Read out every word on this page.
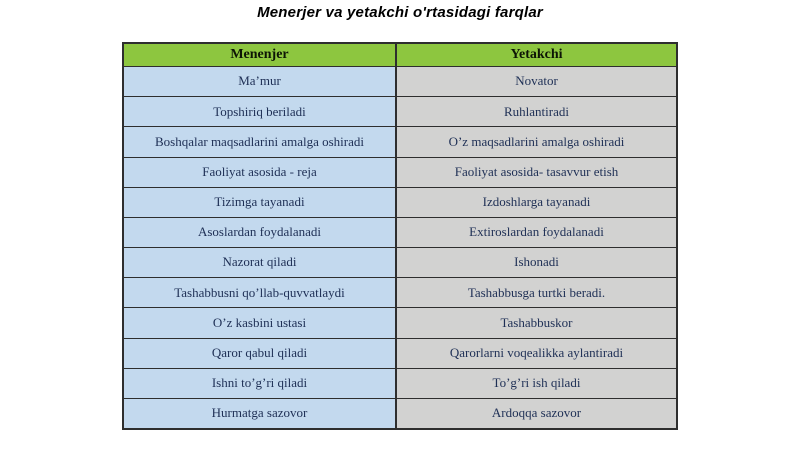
Menerjer va yetakchi o'rtasidagi farqlar
Menenjer	Yetakchi
Ma’mur	Novator
Topshiriq beriladi	Ruhlantiradi
Boshqalar maqsadlarini amalga oshiradi	O’z maqsadlarini amalga oshiradi
Faoliyat asosida - reja	Faoliyat asosida- tasavvur etish
Tizimga tayanadi	Izdoshlarga tayanadi
Asoslardan foydalanadi	Extiroslardan foydalanadi
Nazorat qiladi	Ishonadi
Tashabbusni qo’llab-quvvatlaydi	Tashabbusga turtki beradi.
O’z kasbini ustasi	Tashabbuskor
Qaror qabul qiladi	Qarorlarni voqealikka aylantiradi
Ishni to’g’ri qiladi	To’g’ri ish qiladi
Hurmatga sazovor	Ardoqqa sazovor
